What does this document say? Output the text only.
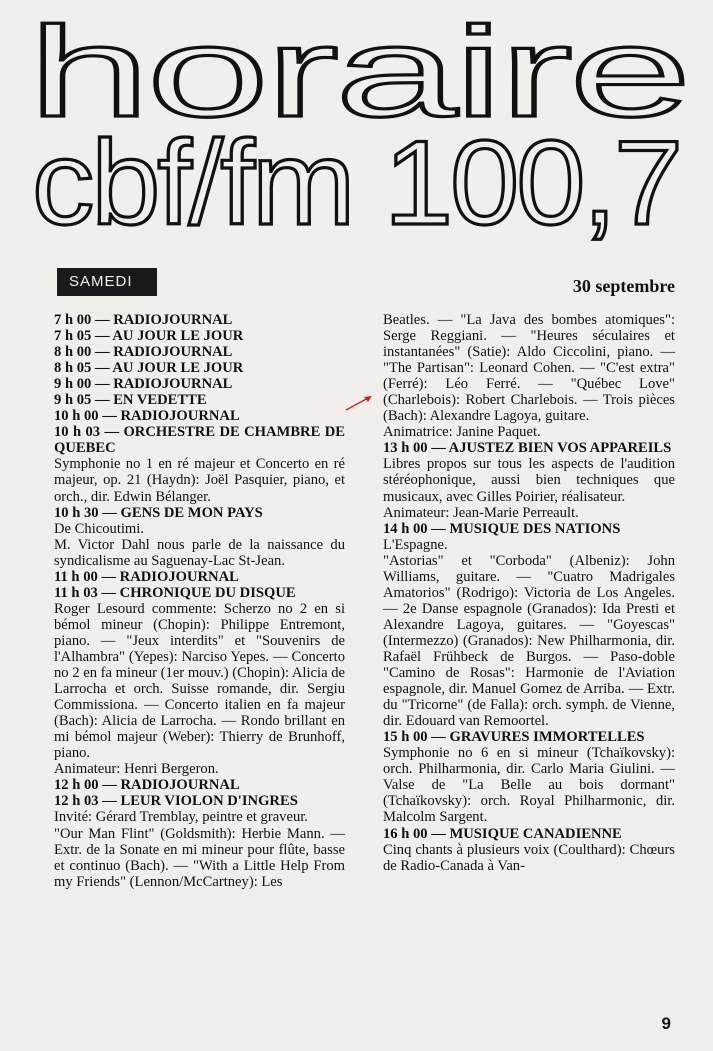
horaire
cbf/fm 100,7
SAMEDI	30 septembre

7 h 00 — RADIOJOURNAL

7 h 05 — AU JOUR LE JOUR

8 h 00 — RADIOJOURNAL

8 h 05 — AU JOUR LE JOUR

9 h 00 — RADIOJOURNAL

9 h 05 — EN VEDETTE

10 h 00 — RADIOJOURNAL

10 h 03 — ORCHESTRE DE CHAMBRE DE QUEBEC

Symphonie no 1 en ré majeur et Concerto en ré majeur, op. 21 (Haydn): Joël Pasquier, piano, et orch., dir. Edwin Bélanger.

10 h 30 — GENS DE MON PAYS

De Chicoutimi.

M. Victor Dahl nous parle de la naissance du syndicalisme au Saguenay-Lac St-Jean.

11 h 00 — RADIOJOURNAL

11 h 03 — CHRONIQUE DU DISQUE

Roger Lesourd commente: Scherzo no 2 en si bémol mineur (Chopin): Philippe Entremont, piano. — "Jeux interdits" et "Souvenirs de l'Alhambra" (Yepes): Narciso Yepes. — Concerto no 2 en fa mineur (1er mouv.) (Chopin): Alicia de Larrocha et orch. Suisse romande, dir. Sergiu Commissiona. — Concerto italien en fa majeur (Bach): Alicia de Larrocha. — Rondo brillant en mi bémol majeur (Weber): Thierry de Brunhoff, piano.

Animateur: Henri Bergeron.

12 h 00 — RADIOJOURNAL

12 h 03 — LEUR VIOLON D'INGRES

Invité: Gérard Tremblay, peintre et graveur.

"Our Man Flint" (Goldsmith): Herbie Mann. — Extr. de la Sonate en mi mineur pour flûte, basse et continuo (Bach). — "With a Little Help From my Friends" (Lennon/McCartney): Les

Beatles. — "La Java des bombes atomiques": Serge Reggiani. — "Heures séculaires et instantanées" (Satie): Aldo Ciccolini, piano. — "The Partisan": Leonard Cohen. — "C'est extra" (Ferré): Léo Ferré. — "Québec Love" (Charlebois): Robert Charlebois. — Trois pièces (Bach): Alexandre Lagoya, guitare.

Animatrice: Janine Paquet.

13 h 00 — AJUSTEZ BIEN VOS APPAREILS

Libres propos sur tous les aspects de l'audition stéréophonique, aussi bien techniques que musicaux, avec Gilles Poirier, réalisateur.

Animateur: Jean-Marie Perreault.

14 h 00 — MUSIQUE DES NATIONS

L'Espagne.

"Astorias" et "Corboda" (Albeniz): John Williams, guitare. — "Cuatro Madrigales Amatorios" (Rodrigo): Victoria de Los Angeles. — 2e Danse espagnole (Granados): Ida Presti et Alexandre Lagoya, guitares. — "Goyescas" (Intermezzo) (Granados): New Philharmonia, dir. Rafaël Frühbeck de Burgos. — Paso-doble "Camino de Rosas": Harmonie de l'Aviation espagnole, dir. Manuel Gomez de Arriba. — Extr. du "Tricorne" (de Falla): orch. symph. de Vienne, dir. Edouard van Remoortel.

15 h 00 — GRAVURES IMMORTELLES

Symphonie no 6 en si mineur (Tchaïkovsky): orch. Philharmonia, dir. Carlo Maria Giulini. — Valse de "La Belle au bois dormant" (Tchaïkovsky): orch. Royal Philharmonic, dir. Malcolm Sargent.

16 h 00 — MUSIQUE CANADIENNE

Cinq chants à plusieurs voix (Coulthard): Chœurs de Radio-Canada à Van-

9
